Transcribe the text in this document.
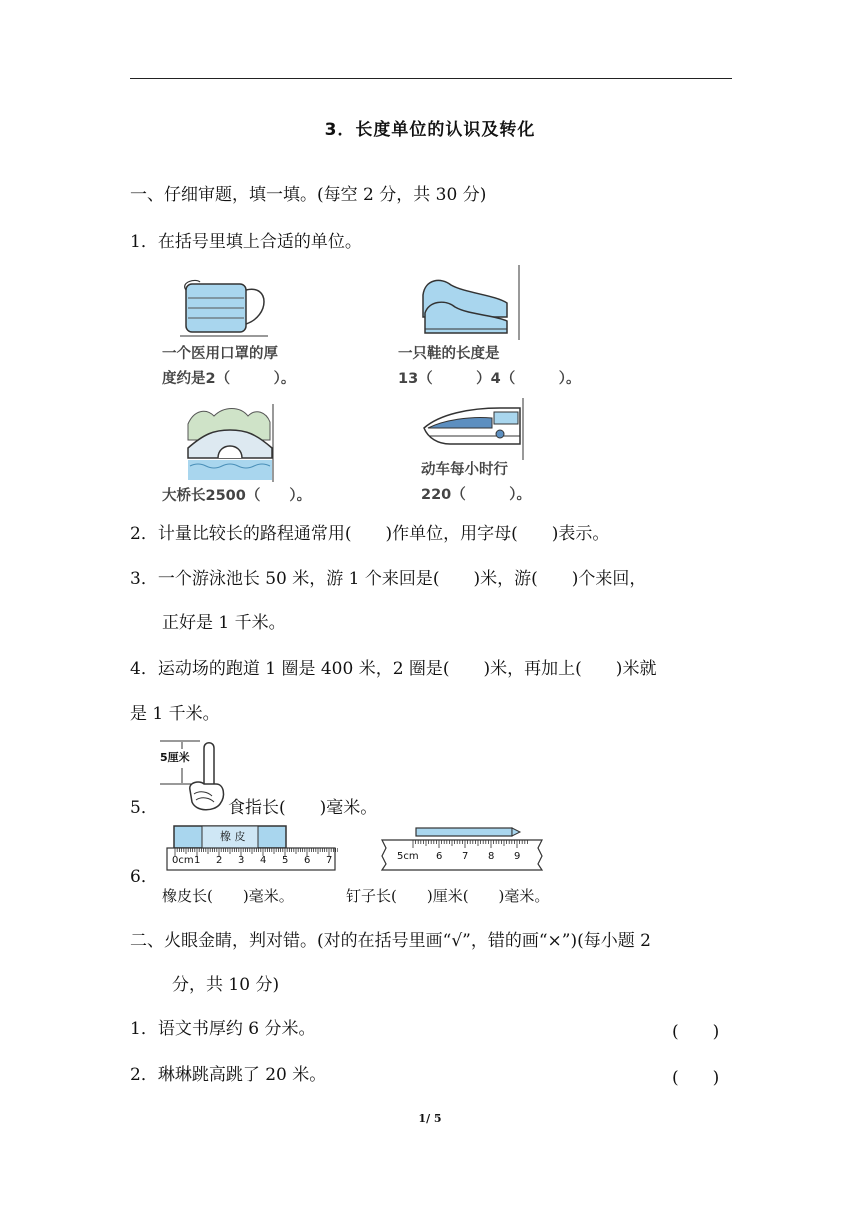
3．长度单位的认识及转化
一、仔细审题，填一填。(每空 2 分，共 30 分)
1．在括号里填上合适的单位。
一个医用口罩的厚
度约是2（　　　）。
一只鞋的长度是
13（　　　）4（　　　）。
大桥长2500（　　）。
动车每小时行
220（　　　）。
2．计量比较长的路程通常用(　　)作单位，用字母(　　)表示。
3．一个游泳池长 50 米，游 1 个来回是(　　)米，游(　　)个来回，
正好是 1 千米。
4．运动场的跑道 1 圈是 400 米，2 圈是(　　)米，再加上(　　)米就
是 1 千米。
5．
5厘米
食指长(　　)毫米。
橡 皮
0cm 1 2 3 4 5 6 7	5cm 6 7 8 9
6．
橡皮长(　　)毫米。	钉子长(　　)厘米(　　)毫米。
二、火眼金睛，判对错。(对的在括号里画“√”，错的画“×”)(每小题 2
分，共 10 分)
1．语文书厚约 6 分米。	(　　)
2．琳琳跳高跳了 20 米。	(　　)
1/ 5
